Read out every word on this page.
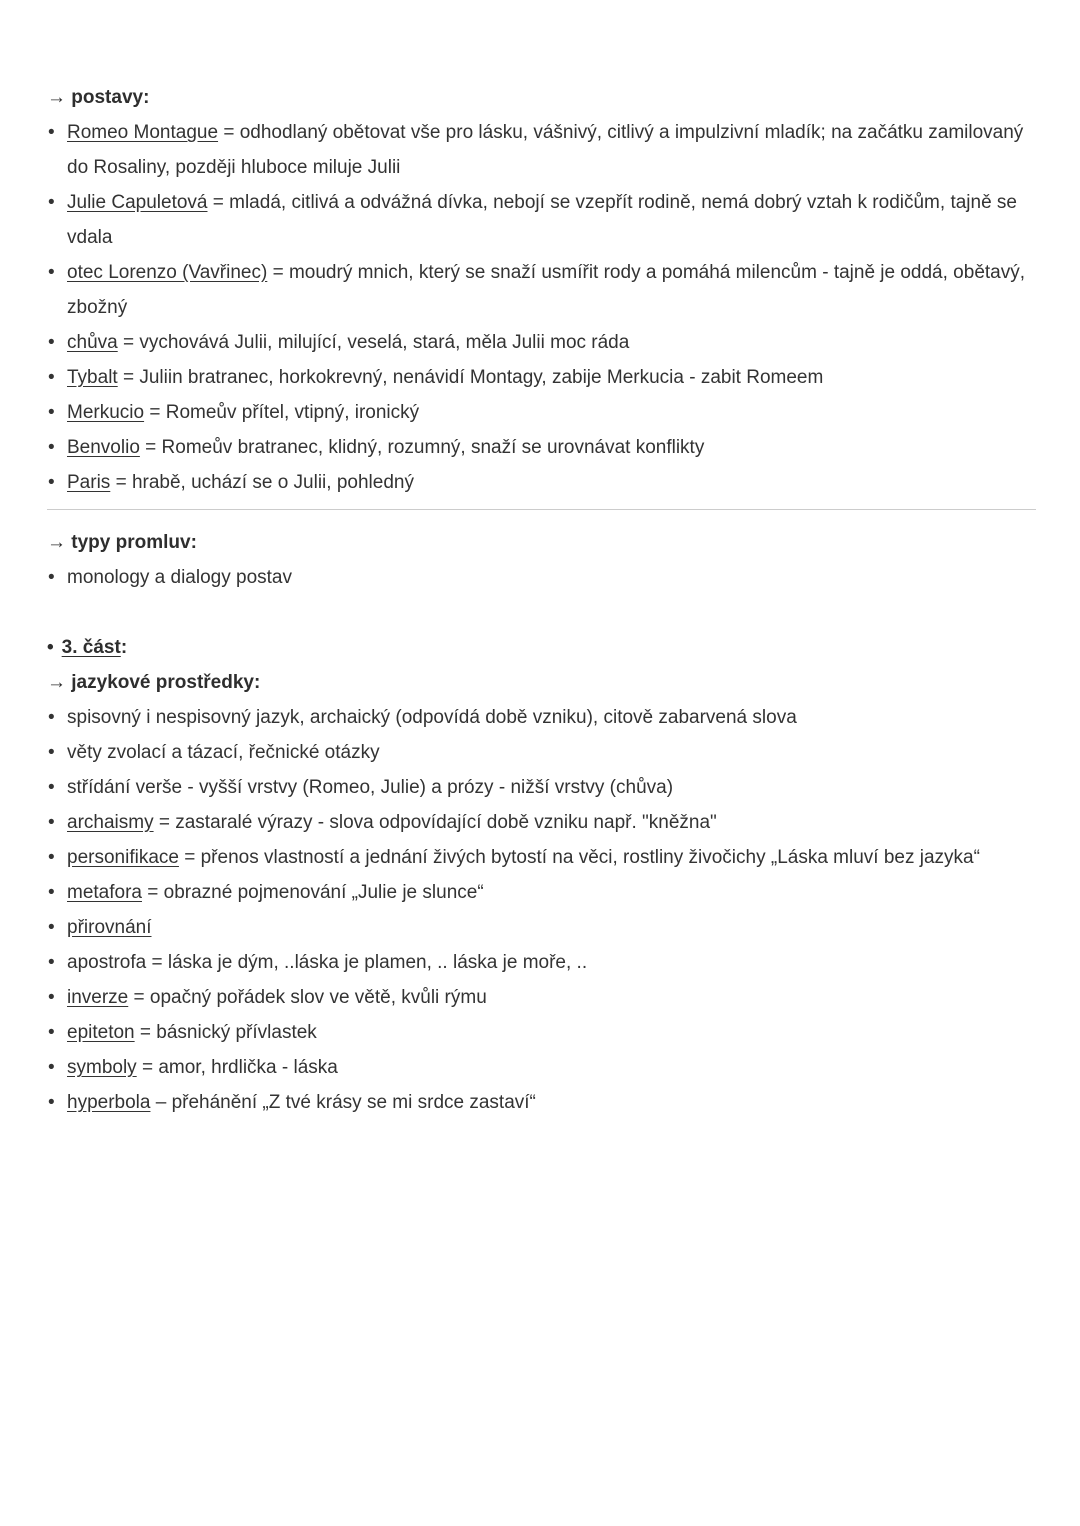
→ postavy:
• Romeo Montague = odhodlaný obětovat vše pro lásku, vášnivý, citlivý a impulzivní mladík; na začátku zamilovaný do Rosaliny, později hluboce miluje Julii
• Julie Capuletová = mladá, citlivá a odvážná dívka, nebojí se vzepřít rodině, nemá dobrý vztah k rodičům, tajně se vdala
• otec Lorenzo (Vavřinec) = moudrý mnich, který se snaží usmířit rody a pomáhá milencům - tajně je oddá, obětavý, zbožný
• chůva = vychovává Julii, milující, veselá, stará, měla Julii moc ráda
• Tybalt = Juliin bratranec, horkokrevný, nenávidí Montagy, zabije Merkucia - zabit Romeem
• Merkucio = Romeův přítel, vtipný, ironický
• Benvolio = Romeův bratranec, klidný, rozumný, snaží se urovnávat konflikty
• Paris = hrabě, uchází se o Julii, pohledný
→ typy promluv:
• monology a dialogy postav
• 3. část:
→ jazykové prostředky:
• spisovný i nespisovný jazyk, archaický (odpovídá době vzniku), citově zabarvená slova
• věty zvolací a tázací, řečnické otázky
• střídání verše - vyšší vrstvy (Romeo, Julie) a prózy - nižší vrstvy (chůva)
• archaismy = zastaralé výrazy - slova odpovídající době vzniku např. "kněžna"
• personifikace = přenos vlastností a jednání živých bytostí na věci, rostliny živočichy „Láska mluví bez jazyka“
• metafora = obrazné pojmenování „Julie je slunce“
• přirovnání
• apostrofa = láska je dým, ..láska je plamen, .. láska je moře, ..
• inverze = opačný pořádek slov ve větě, kvůli rýmu
• epiteton = básnický přívlastek
• symboly = amor, hrdlička - láska
• hyperbola – přehánění „Z tvé krásy se mi srdce zastaví“
